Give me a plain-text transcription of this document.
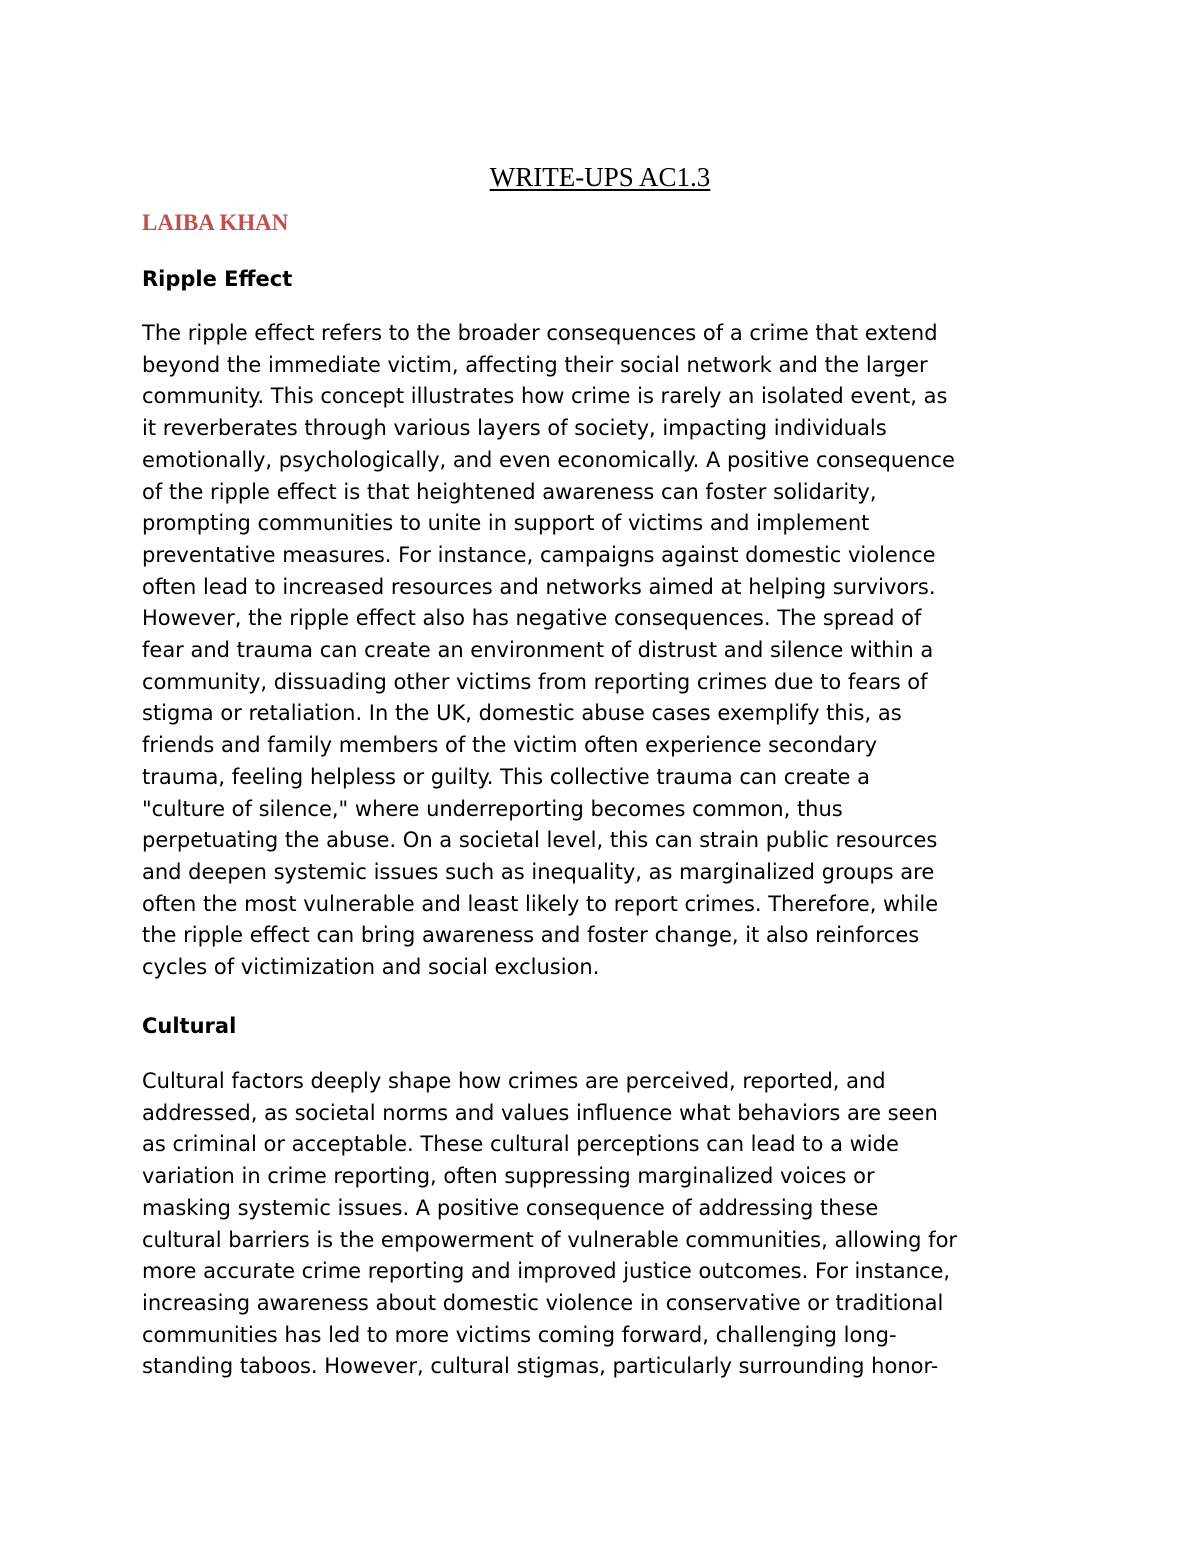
WRITE-UPS AC1.3
LAIBA KHAN
Ripple Effect

The ripple effect refers to the broader consequences of a crime that extend
beyond the immediate victim, affecting their social network and the larger
community. This concept illustrates how crime is rarely an isolated event, as
it reverberates through various layers of society, impacting individuals
emotionally, psychologically, and even economically. A positive consequence
of the ripple effect is that heightened awareness can foster solidarity,
prompting communities to unite in support of victims and implement
preventative measures. For instance, campaigns against domestic violence
often lead to increased resources and networks aimed at helping survivors.
However, the ripple effect also has negative consequences. The spread of
fear and trauma can create an environment of distrust and silence within a
community, dissuading other victims from reporting crimes due to fears of
stigma or retaliation. In the UK, domestic abuse cases exemplify this, as
friends and family members of the victim often experience secondary
trauma, feeling helpless or guilty. This collective trauma can create a
"culture of silence," where underreporting becomes common, thus
perpetuating the abuse. On a societal level, this can strain public resources
and deepen systemic issues such as inequality, as marginalized groups are
often the most vulnerable and least likely to report crimes. Therefore, while
the ripple effect can bring awareness and foster change, it also reinforces
cycles of victimization and social exclusion.

Cultural

Cultural factors deeply shape how crimes are perceived, reported, and
addressed, as societal norms and values influence what behaviors are seen
as criminal or acceptable. These cultural perceptions can lead to a wide
variation in crime reporting, often suppressing marginalized voices or
masking systemic issues. A positive consequence of addressing these
cultural barriers is the empowerment of vulnerable communities, allowing for
more accurate crime reporting and improved justice outcomes. For instance,
increasing awareness about domestic violence in conservative or traditional
communities has led to more victims coming forward, challenging long-
standing taboos. However, cultural stigmas, particularly surrounding honor-
